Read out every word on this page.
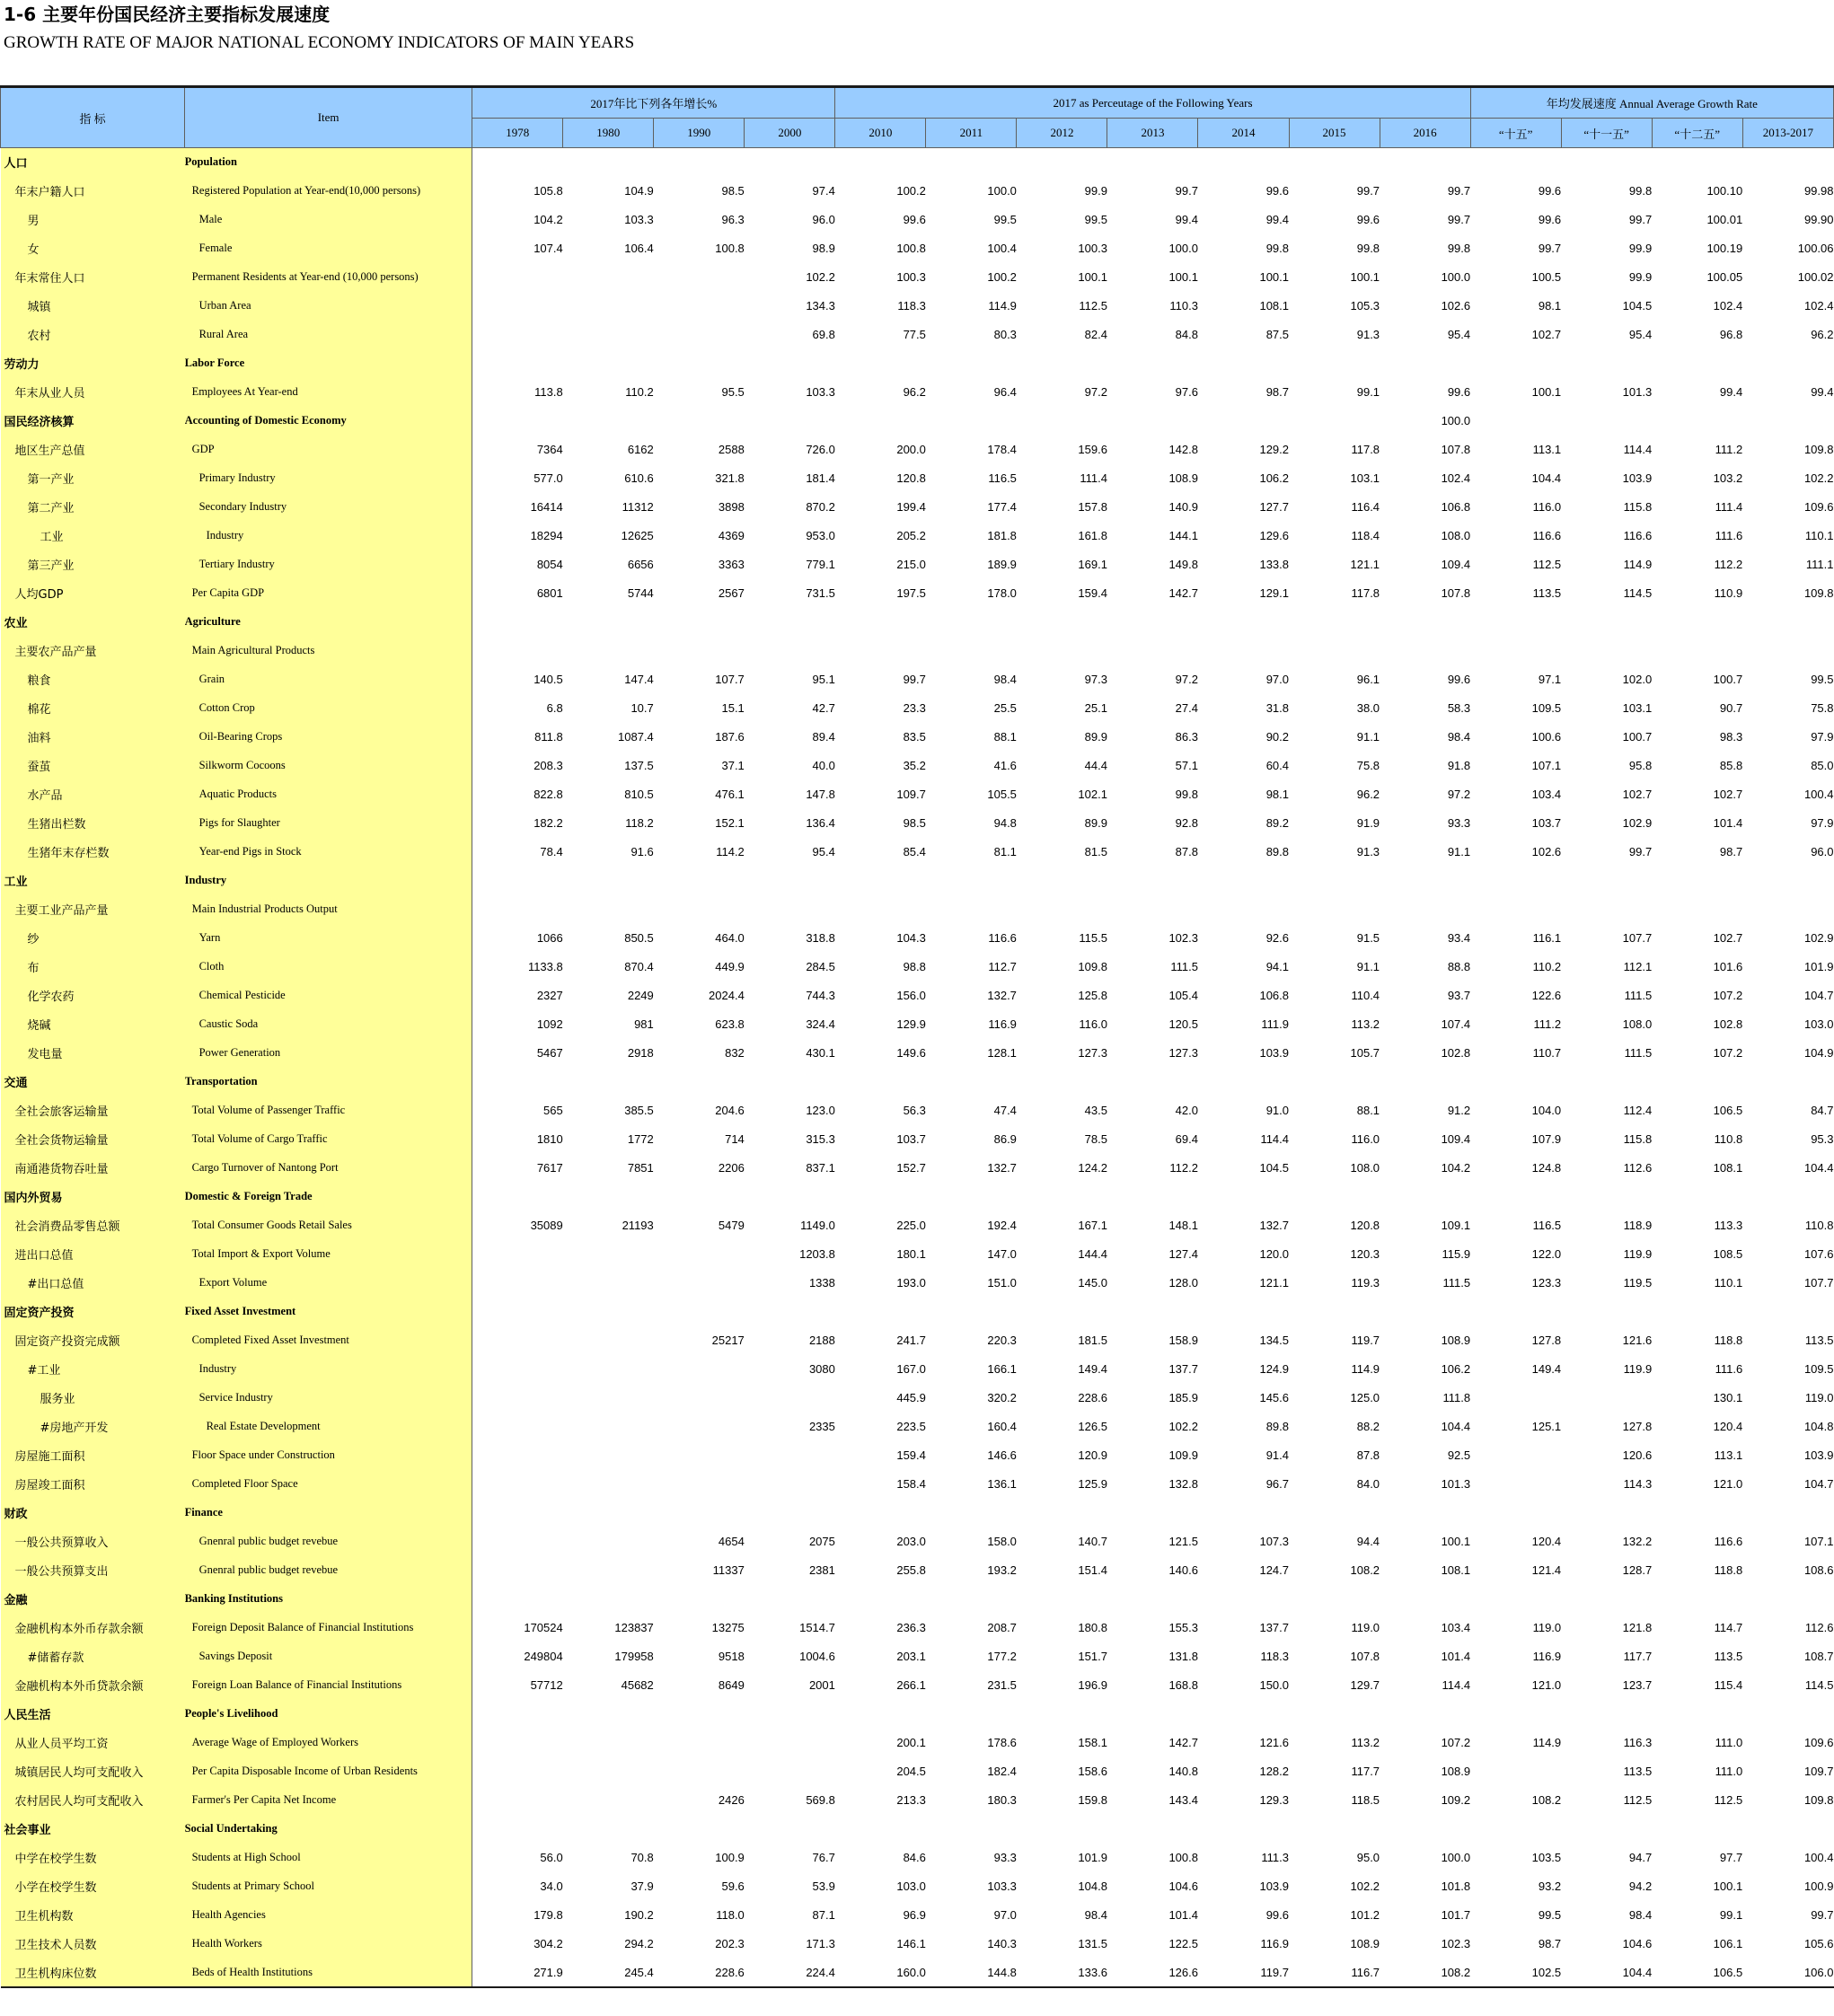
1-6 主要年份国民经济主要指标发展速度
GROWTH RATE OF MAJOR NATIONAL ECONOMY INDICATORS OF MAIN YEARS
指 标	Item	2017年比下列各年增长%				2017 as Perceutage of the Following Years							年均发展速度 Annual Average Growth Rate			
		1978	1980	1990	2000	2010	2011	2012	2013	2014	2015	2016	“十五”	“十一五”	“十二五”	2013-2017
人口	Population															
年末户籍人口	Registered Population at Year-end(10,000 persons)	105.8	104.9	98.5	97.4	100.2	100.0	99.9	99.7	99.6	99.7	99.7	99.6	99.8	100.10	99.98
男	Male	104.2	103.3	96.3	96.0	99.6	99.5	99.5	99.4	99.4	99.6	99.7	99.6	99.7	100.01	99.90
女	Female	107.4	106.4	100.8	98.9	100.8	100.4	100.3	100.0	99.8	99.8	99.8	99.7	99.9	100.19	100.06
年末常住人口	Permanent Residents at Year-end (10,000 persons)				102.2	100.3	100.2	100.1	100.1	100.1	100.1	100.0	100.5	99.9	100.05	100.02
城镇	Urban Area				134.3	118.3	114.9	112.5	110.3	108.1	105.3	102.6	98.1	104.5	102.4	102.4
农村	Rural Area				69.8	77.5	80.3	82.4	84.8	87.5	91.3	95.4	102.7	95.4	96.8	96.2
劳动力	Labor Force															
年末从业人员	Employees At Year-end	113.8	110.2	95.5	103.3	96.2	96.4	97.2	97.6	98.7	99.1	99.6	100.1	101.3	99.4	99.4
国民经济核算	Accounting of Domestic Economy											100.0				
地区生产总值	GDP	7364	6162	2588	726.0	200.0	178.4	159.6	142.8	129.2	117.8	107.8	113.1	114.4	111.2	109.8
第一产业	Primary Industry	577.0	610.6	321.8	181.4	120.8	116.5	111.4	108.9	106.2	103.1	102.4	104.4	103.9	103.2	102.2
第二产业	Secondary Industry	16414	11312	3898	870.2	199.4	177.4	157.8	140.9	127.7	116.4	106.8	116.0	115.8	111.4	109.6
工业	Industry	18294	12625	4369	953.0	205.2	181.8	161.8	144.1	129.6	118.4	108.0	116.6	116.6	111.6	110.1
第三产业	Tertiary Industry	8054	6656	3363	779.1	215.0	189.9	169.1	149.8	133.8	121.1	109.4	112.5	114.9	112.2	111.1
人均GDP	Per Capita GDP	6801	5744	2567	731.5	197.5	178.0	159.4	142.7	129.1	117.8	107.8	113.5	114.5	110.9	109.8
农业	Agriculture															
主要农产品产量	Main Agricultural Products															
粮食	Grain	140.5	147.4	107.7	95.1	99.7	98.4	97.3	97.2	97.0	96.1	99.6	97.1	102.0	100.7	99.5
棉花	Cotton Crop	6.8	10.7	15.1	42.7	23.3	25.5	25.1	27.4	31.8	38.0	58.3	109.5	103.1	90.7	75.8
油料	Oil-Bearing Crops	811.8	1087.4	187.6	89.4	83.5	88.1	89.9	86.3	90.2	91.1	98.4	100.6	100.7	98.3	97.9
蚕茧	Silkworm Cocoons	208.3	137.5	37.1	40.0	35.2	41.6	44.4	57.1	60.4	75.8	91.8	107.1	95.8	85.8	85.0
水产品	Aquatic Products	822.8	810.5	476.1	147.8	109.7	105.5	102.1	99.8	98.1	96.2	97.2	103.4	102.7	102.7	100.4
生猪出栏数	Pigs for Slaughter	182.2	118.2	152.1	136.4	98.5	94.8	89.9	92.8	89.2	91.9	93.3	103.7	102.9	101.4	97.9
生猪年末存栏数	Year-end Pigs in Stock	78.4	91.6	114.2	95.4	85.4	81.1	81.5	87.8	89.8	91.3	91.1	102.6	99.7	98.7	96.0
工业	Industry															
主要工业产品产量	Main Industrial Products Output															
纱	Yarn	1066	850.5	464.0	318.8	104.3	116.6	115.5	102.3	92.6	91.5	93.4	116.1	107.7	102.7	102.9
布	Cloth	1133.8	870.4	449.9	284.5	98.8	112.7	109.8	111.5	94.1	91.1	88.8	110.2	112.1	101.6	101.9
化学农药	Chemical Pesticide	2327	2249	2024.4	744.3	156.0	132.7	125.8	105.4	106.8	110.4	93.7	122.6	111.5	107.2	104.7
烧碱	Caustic Soda	1092	981	623.8	324.4	129.9	116.9	116.0	120.5	111.9	113.2	107.4	111.2	108.0	102.8	103.0
发电量	Power Generation	5467	2918	832	430.1	149.6	128.1	127.3	127.3	103.9	105.7	102.8	110.7	111.5	107.2	104.9
交通	Transportation															
全社会旅客运输量	Total Volume of Passenger Traffic	565	385.5	204.6	123.0	56.3	47.4	43.5	42.0	91.0	88.1	91.2	104.0	112.4	106.5	84.7
全社会货物运输量	Total Volume of Cargo Traffic	1810	1772	714	315.3	103.7	86.9	78.5	69.4	114.4	116.0	109.4	107.9	115.8	110.8	95.3
南通港货物吞吐量	Cargo Turnover of Nantong Port	7617	7851	2206	837.1	152.7	132.7	124.2	112.2	104.5	108.0	104.2	124.8	112.6	108.1	104.4
国内外贸易	Domestic & Foreign Trade															
社会消费品零售总额	Total Consumer Goods Retail Sales	35089	21193	5479	1149.0	225.0	192.4	167.1	148.1	132.7	120.8	109.1	116.5	118.9	113.3	110.8
进出口总值	Total Import & Export Volume				1203.8	180.1	147.0	144.4	127.4	120.0	120.3	115.9	122.0	119.9	108.5	107.6
#出口总值	Export Volume				1338	193.0	151.0	145.0	128.0	121.1	119.3	111.5	123.3	119.5	110.1	107.7
固定资产投资	Fixed Asset Investment															
固定资产投资完成额	Completed Fixed Asset Investment			25217	2188	241.7	220.3	181.5	158.9	134.5	119.7	108.9	127.8	121.6	118.8	113.5
#工业	Industry				3080	167.0	166.1	149.4	137.7	124.9	114.9	106.2	149.4	119.9	111.6	109.5
服务业	Service Industry					445.9	320.2	228.6	185.9	145.6	125.0	111.8			130.1	119.0
#房地产开发	Real Estate Development				2335	223.5	160.4	126.5	102.2	89.8	88.2	104.4	125.1	127.8	120.4	104.8
房屋施工面积	Floor Space under Construction					159.4	146.6	120.9	109.9	91.4	87.8	92.5		120.6	113.1	103.9
房屋竣工面积	Completed Floor Space					158.4	136.1	125.9	132.8	96.7	84.0	101.3		114.3	121.0	104.7
财政	Finance															
一般公共预算收入	Gnenral public budget revebue			4654	2075	203.0	158.0	140.7	121.5	107.3	94.4	100.1	120.4	132.2	116.6	107.1
一般公共预算支出	Gnenral public budget revebue			11337	2381	255.8	193.2	151.4	140.6	124.7	108.2	108.1	121.4	128.7	118.8	108.6
金融	Banking Institutions															
金融机构本外币存款余额	Foreign Deposit Balance of Financial Institutions	170524	123837	13275	1514.7	236.3	208.7	180.8	155.3	137.7	119.0	103.4	119.0	121.8	114.7	112.6
#储蓄存款	Savings Deposit	249804	179958	9518	1004.6	203.1	177.2	151.7	131.8	118.3	107.8	101.4	116.9	117.7	113.5	108.7
金融机构本外币贷款余额	Foreign Loan Balance of Financial Institutions	57712	45682	8649	2001	266.1	231.5	196.9	168.8	150.0	129.7	114.4	121.0	123.7	115.4	114.5
人民生活	People's Livelihood															
从业人员平均工资	Average Wage of Employed Workers					200.1	178.6	158.1	142.7	121.6	113.2	107.2	114.9	116.3	111.0	109.6
城镇居民人均可支配收入	Per Capita Disposable Income of Urban Residents					204.5	182.4	158.6	140.8	128.2	117.7	108.9		113.5	111.0	109.7
农村居民人均可支配收入	Farmer's Per Capita Net Income			2426	569.8	213.3	180.3	159.8	143.4	129.3	118.5	109.2	108.2	112.5	112.5	109.8
社会事业	Social Undertaking															
中学在校学生数	Students at High School	56.0	70.8	100.9	76.7	84.6	93.3	101.9	100.8	111.3	95.0	100.0	103.5	94.7	97.7	100.4
小学在校学生数	Students at Primary School	34.0	37.9	59.6	53.9	103.0	103.3	104.8	104.6	103.9	102.2	101.8	93.2	94.2	100.1	100.9
卫生机构数	Health Agencies	179.8	190.2	118.0	87.1	96.9	97.0	98.4	101.4	99.6	101.2	101.7	99.5	98.4	99.1	99.7
卫生技术人员数	Health Workers	304.2	294.2	202.3	171.3	146.1	140.3	131.5	122.5	116.9	108.9	102.3	98.7	104.6	106.1	105.6
卫生机构床位数	Beds of Health Institutions	271.9	245.4	228.6	224.4	160.0	144.8	133.6	126.6	119.7	116.7	108.2	102.5	104.4	106.5	106.0
